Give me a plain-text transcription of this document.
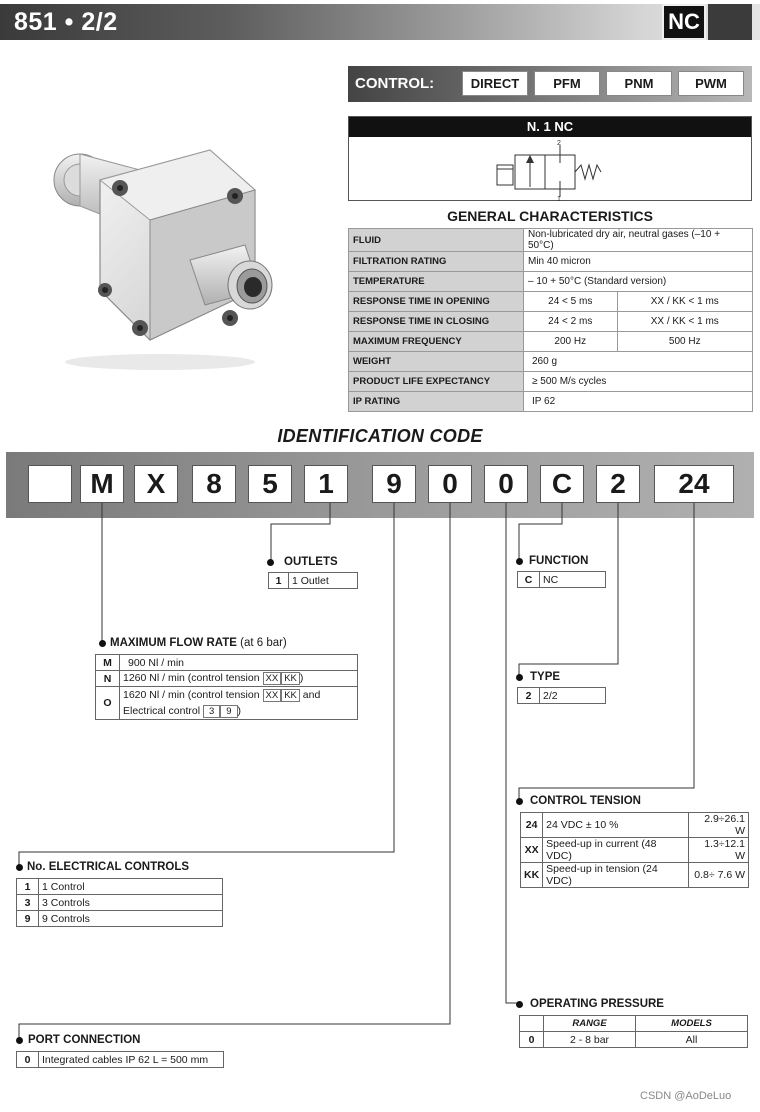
851 • 2/2	NC
CONTROL:	DIRECT	PFM	PNM	PWM
N. 1 NC
2
1
GENERAL CHARACTERISTICS
FLUID	Non-lubricated dry air, neutral gases (–10 + 50°C)	
FILTRATION RATING	Min 40 micron	
TEMPERATURE	– 10 + 50°C (Standard version)	
RESPONSE TIME IN OPENING	24 < 5 ms	XX / KK < 1 ms
RESPONSE TIME IN CLOSING	24 < 2 ms	XX / KK < 1 ms
MAXIMUM FREQUENCY	200 Hz	500 Hz
WEIGHT	260 g	
PRODUCT LIFE EXPECTANCY	≥ 500 M/s cycles	
IP RATING	IP 62	
IDENTIFICATION CODE
M	X	8	5	1	9	0	0	C	2	24
OUTLETS
1	1 Outlet
FUNCTION
C	NC
MAXIMUM FLOW RATE (at 6 bar)
M	900 Nl / min
N	1260 Nl / min (control tension XX KK )
O	1620 Nl / min (control tension XX KK and
Electrical control 3 9 )
TYPE
2	2/2
CONTROL TENSION
24	24 VDC ± 10 %	2.9÷26.1 W
XX	Speed-up in current (48 VDC)	1.3÷12.1 W
KK	Speed-up in tension (24 VDC)	0.8÷ 7.6 W
No. ELECTRICAL CONTROLS
1	1 Control
3	3 Controls
9	9 Controls
OPERATING PRESSURE
	RANGE	MODELS
0	2 - 8 bar	All
PORT CONNECTION
0	Integrated cables IP 62 L = 500 mm
CSDN @AoDeLuo
